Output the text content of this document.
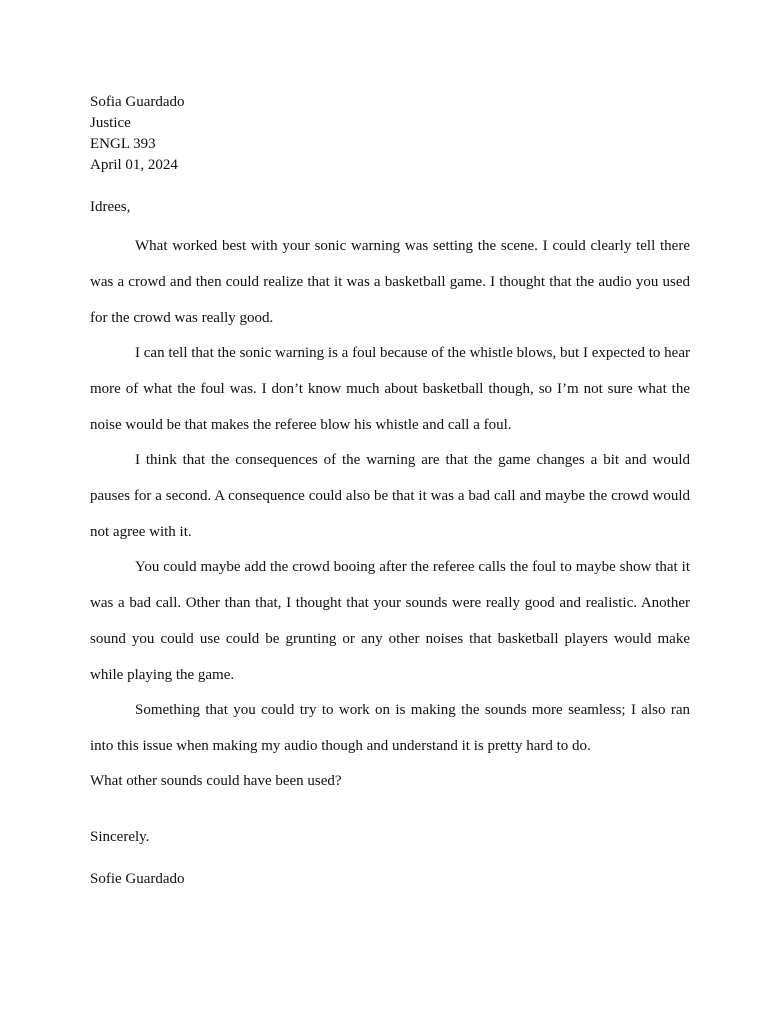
Sofia Guardado
Justice
ENGL 393
April 01, 2024
Idrees,
What worked best with your sonic warning was setting the scene. I could clearly tell there was a crowd and then could realize that it was a basketball game. I thought that the audio you used for the crowd was really good.
I can tell that the sonic warning is a foul because of the whistle blows, but I expected to hear more of what the foul was. I don’t know much about basketball though, so I’m not sure what the noise would be that makes the referee blow his whistle and call a foul.
I think that the consequences of the warning are that the game changes a bit and would pauses for a second. A consequence could also be that it was a bad call and maybe the crowd would not agree with it.
You could maybe add the crowd booing after the referee calls the foul to maybe show that it was a bad call. Other than that, I thought that your sounds were really good and realistic. Another sound you could use could be grunting or any other noises that basketball players would make while playing the game.
Something that you could try to work on is making the sounds more seamless; I also ran into this issue when making my audio though and understand it is pretty hard to do.
What other sounds could have been used?
Sincerely.
Sofie Guardado
